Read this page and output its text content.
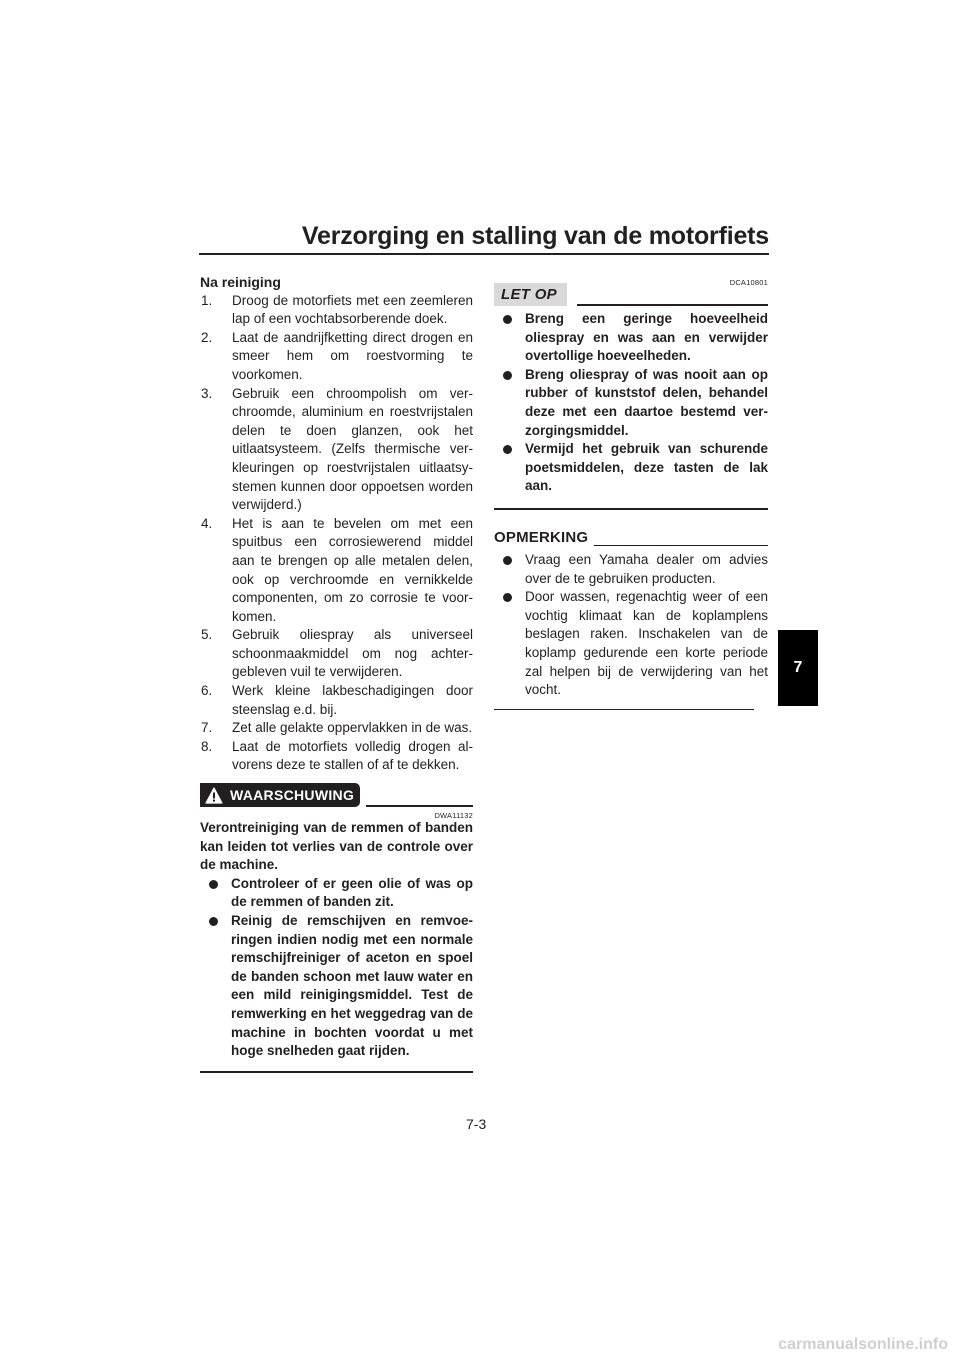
Verzorging en stalling van de motorfiets
7
Na reiniging
1. Droog de motorfiets met een zeemleren lap of een vochtabsorberende doek.
2. Laat de aandrijfketting direct drogen en smeer hem om roestvorming te voorkomen.
3. Gebruik een chroompolish om verchroomde, aluminium en roestvrijstalen delen te doen glanzen, ook het uitlaatsysteem. (Zelfs thermische verkleuringen op roestvrijstalen uitlaatsystemen kunnen door oppoetsen worden verwijderd.)
4. Het is aan te bevelen om met een spuitbus een corrosiewerend middel aan te brengen op alle metalen delen, ook op verchroomde en vernikkelde componenten, om zo corrosie te voorkomen.
5. Gebruik oliespray als universeel schoonmaakmiddel om nog achtergebleven vuil te verwijderen.
6. Werk kleine lakbeschadigingen door steenslag e.d. bij.
7. Zet alle gelakte oppervlakken in de was.
8. Laat de motorfiets volledig drogen alvorens deze te stallen of af te dekken.
WAARSCHUWING
DWA11132
Verontreiniging van de remmen of banden kan leiden tot verlies van de controle over de machine.
Controleer of er geen olie of was op de remmen of banden zit.
Reinig de remschijven en remvoeringen indien nodig met een normale remschijfreiniger of aceton en spoel de banden schoon met lauw water en een mild reinigingsmiddel. Test de remwerking en het weggedrag van de machine in bochten voordat u met hoge snelheden gaat rijden.
DCA10801
LET OP
Breng een geringe hoeveelheid oliespray en was aan en verwijder overtollige hoeveelheden.
Breng oliespray of was nooit aan op rubber of kunststof delen, behandel deze met een daartoe bestemd verzorgingsmiddel.
Vermijd het gebruik van schurende poetsmiddelen, deze tasten de lak aan.
OPMERKING
Vraag een Yamaha dealer om advies over de te gebruiken producten.
Door wassen, regenachtig weer of een vochtig klimaat kan de koplamplens beslagen raken. Inschakelen van de koplamp gedurende een korte periode zal helpen bij de verwijdering van het vocht.
7-3
carmanualsonline.info
